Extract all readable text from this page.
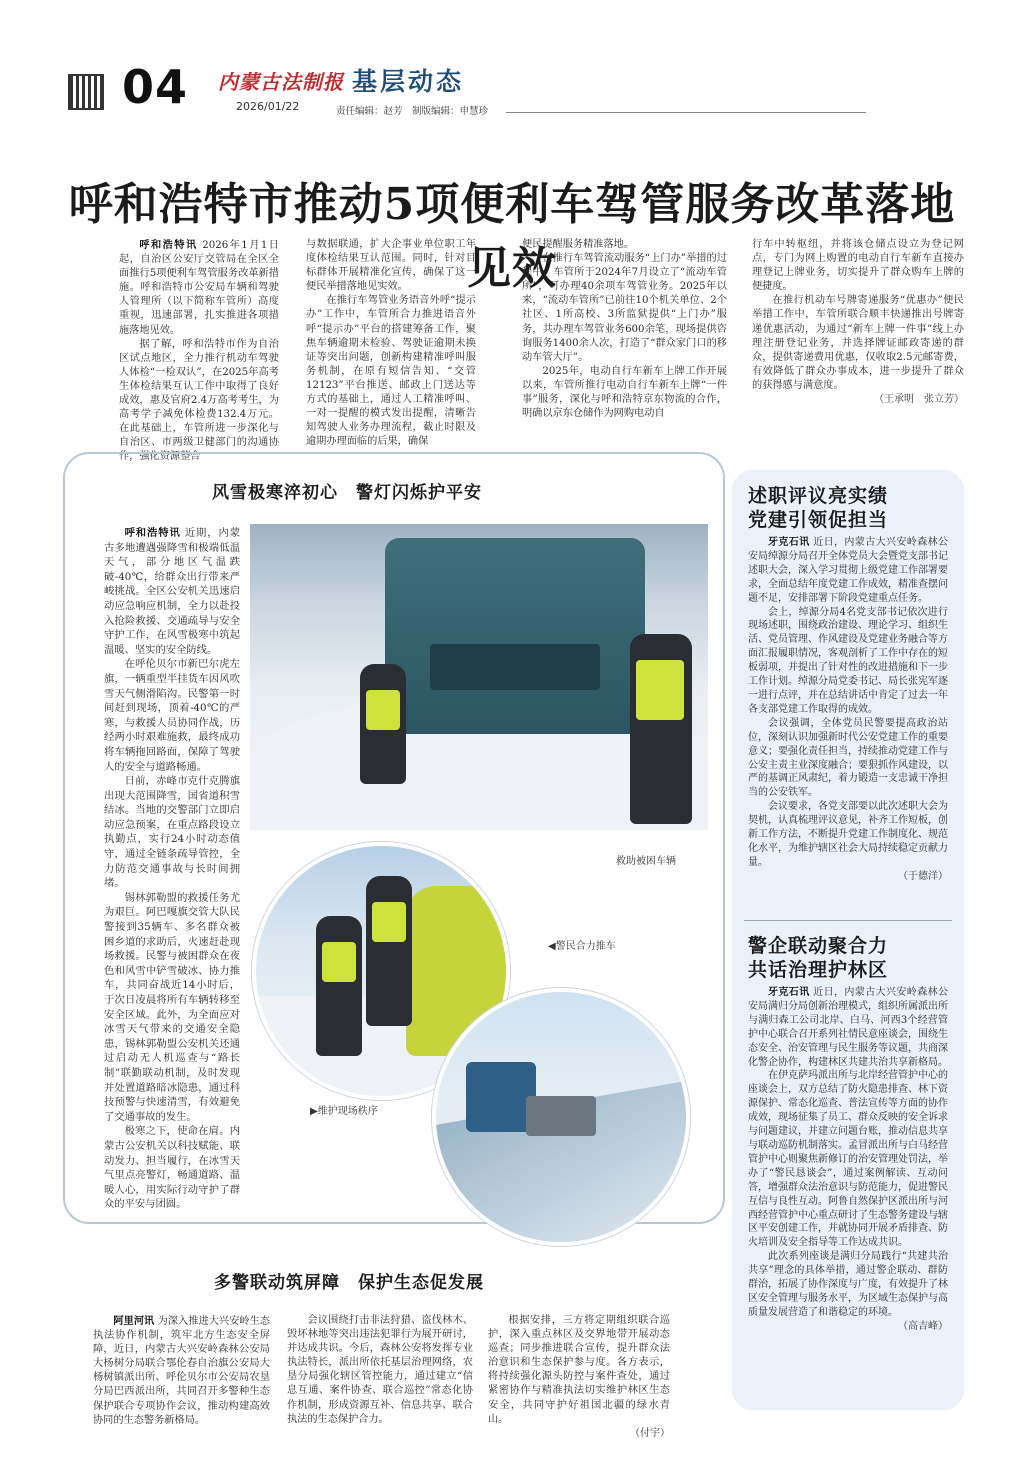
04 内蒙古法制报
2026/01/22
基层动态
责任编辑：赵芳　制版编辑：申慧珍
呼和浩特市推动5项便利车驾管服务改革落地见效

呼和浩特讯 2026年1月1日起，自治区公安厅交管局在全区全面推行5项便利车驾管服务改革新措施。呼和浩特市公安局车辆和驾驶人管理所（以下简称车管所）高度重视，迅速部署，扎实推进各项措施落地见效。

据了解，呼和浩特市作为自治区试点地区，全力推行机动车驾驶人体检“一检双认”，在2025年高考生体检结果互认工作中取得了良好成效，惠及官府2.4万高考考生，为高考学子减免体检费132.4万元。在此基础上，车管所进一步深化与自治区、市两级卫健部门的沟通协作，强化资源整合

与数据联通，扩大企事业单位职工年度体检结果互认范围。同时，针对目标群体开展精准化宣传，确保了这一便民举措落地见实效。

在推行车驾管业务语音外呼“提示办”工作中，车管所合力推进语音外呼“提示办”平台的搭建筹备工作，聚焦车辆逾期未检验、驾驶证逾期未换证等突出问题，创新构建精准呼叫服务机制，在原有短信告知、“交管12123”平台推送、邮政上门送达等方式的基础上，通过人工精准呼叫、一对一提醒的模式发出提醒，清晰告知驾驶人业务办理流程，截止时限及逾期办理面临的后果，确保

便民提醒服务精准落地。

在推行车驾管流动服务“上门办”举措的过程中，车管所于2024年7月设立了“流动车管所”，可办理40余项车驾管业务。2025年以来，“流动车管所”已前往10个机关单位、2个社区、1所高校、3所监狱提供“上门办”服务，共办理车驾管业务600余笔，现场提供咨询服务1400余人次，打造了“群众家门口的移动车管大厅”。

2025年，电动自行车新车上牌工作开展以来，车管所推行电动自行车新车上牌“一件事”服务，深化与呼和浩特京东物流的合作，明确以京东仓储作为网购电动自

行车中转枢纽，并将该仓储点设立为登记网点，专门为网上购置的电动自行车新车直接办理登记上牌业务，切实提升了群众购车上牌的便捷度。

在推行机动车号牌寄递服务“优惠办”便民举措工作中，车管所联合顺丰快递推出号牌寄递优惠活动，为通过“新车上牌一件事”线上办理注册登记业务，并选择牌证邮政寄递的群众，提供寄递费用优惠，仅收取2.5元邮寄费，有效降低了群众办事成本，进一步提升了群众的获得感与满意度。

（王承明　张立芳）
风雪极寒淬初心　警灯闪烁护平安

呼和浩特讯 近期，内蒙古多地遭遇强降雪和极端低温天气，部分地区气温跌破-40℃，给群众出行带来严峻挑战。全区公安机关迅速启动应急响应机制，全力以赴投入抢险救援、交通疏导与安全守护工作，在风雪极寒中筑起温暖、坚实的安全防线。

在呼伦贝尔市新巴尔虎左旗，一辆重型半挂货车因风吹雪天气侧滑陷沟。民警第一时间赶到现场，顶着-40℃的严寒，与救援人员协同作战，历经两小时艰难施救，最终成功将车辆拖回路面，保障了驾驶人的安全与道路畅通。

日前，赤峰市克什克腾旗出现大范围降雪，国省道积雪结冰。当地的交警部门立即启动应急预案，在重点路段设立执勤点，实行24小时动态值守，通过全链条疏导管控，全力防范交通事故与长时间拥堵。

锡林郭勒盟的救援任务尤为艰巨。阿巴嘎旗交管大队民警接到35辆车、多名群众被困乡道的求助后，火速赶赴现场救援。民警与被困群众在夜色和风雪中铲雪破冰、协力推车，共同奋战近14小时后，于次日凌晨将所有车辆转移至安全区域。此外，为全面应对冰雪天气带来的交通安全隐患，锡林郭勒盟公安机关还通过启动无人机巡查与“路长制”联勤联动机制，及时发现并处置道路暗冰隐患，通过科技预警与快速清雪，有效避免了交通事故的发生。

极寒之下，使命在肩。内蒙古公安机关以科技赋能、联动发力、担当履行，在冰雪天气里点亮警灯，畅通道路、温暖人心，用实际行动守护了群众的平安与团圆。

救助被困车辆
◀警民合力推车
▶维护现场秩序
多警联动筑屏障　保护生态促发展

阿里河讯 为深入推进大兴安岭生态执法协作机制，筑牢北方生态安全屏障，近日，内蒙古大兴安岭森林公安局大杨树分局联合鄂伦春自治旗公安局大杨树镇派出所、呼伦贝尔市公安局农垦分局巴西派出所，共同召开多警种生态保护联合专项协作会议，推动构建高效协同的生态警务新格局。

会议围绕打击非法狩猎、盗伐林木、毁坏林地等突出违法犯罪行为展开研讨，并达成共识。今后，森林公安将发挥专业执法特长，派出所依托基层治理网络，农垦分局强化辖区管控能力，通过建立“信息互通、案件协查、联合巡控”常态化协作机制，形成资源互补、信息共享、联合执法的生态保护合力。

根据安排，三方将定期组织联合巡护，深入重点林区及交界地带开展动态巡查；同步推进联合宣传，提升群众法治意识和生态保护参与度。各方表示，将持续强化源头防控与案件查处，通过紧密协作与精准执法切实维护林区生态安全，共同守护好祖国北疆的绿水青山。

（付宇）
述职评议亮实绩
党建引领促担当

牙克石讯 近日，内蒙古大兴安岭森林公安局绰源分局召开全体党员大会暨党支部书记述职大会，深入学习贯彻上级党建工作部署要求，全面总结年度党建工作成效，精准查摆问题不足，安排部署下阶段党建重点任务。

会上，绰源分局4名党支部书记依次进行现场述职，围绕政治建设、理论学习、组织生活、党员管理、作风建设及党建业务融合等方面汇报履职情况，客观剖析了工作中存在的短板弱项，并提出了针对性的改进措施和下一步工作计划。绰源分局党委书记、局长张宪军逐一进行点评，并在总结讲话中肯定了过去一年各支部党建工作取得的成效。

会议强调，全体党员民警要提高政治站位，深刻认识加强新时代公安党建工作的重要意义；要强化责任担当，持续推动党建工作与公安主责主业深度融合；要狠抓作风建设，以严的基调正风肃纪，着力锻造一支忠诚干净担当的公安铁军。

会议要求，各党支部要以此次述职大会为契机，认真梳理评议意见，补齐工作短板，创新工作方法，不断提升党建工作制度化、规范化水平，为维护辖区社会大局持续稳定贡献力量。

（于德洋）
警企联动聚合力
共话治理护林区

牙克石讯 近日，内蒙古大兴安岭森林公安局满归分局创新治理模式，组织所属派出所与满归森工公司北岸、白马、河西3个经营管护中心联合召开系列社情民意座谈会，围绕生态安全、治安管理与民生服务等议题，共商深化警企协作，构建林区共建共治共享新格局。

在伊克萨玛派出所与北岸经营管护中心的座谈会上，双方总结了防火隐患排查、林下资源保护、常态化巡查、普法宣传等方面的协作成效，现场征集了员工、群众反映的安全诉求与问题建议，并建立问题台账，推动信息共享与联动巡防机制落实。孟冒派出所与白马经营管护中心则聚焦新修订的治安管理处罚法，举办了“警民恳谈会”，通过案例解读、互动问答，增强群众法治意识与防范能力，促进警民互信与良性互动。阿鲁自然保护区派出所与河西经营管护中心重点研讨了生态警务建设与辖区平安创建工作，并就协同开展矛盾排查、防火培训及安全指导等工作达成共识。

此次系列座谈是满归分局践行“共建共治共享”理念的具体举措，通过警企联动、群防群治，拓展了协作深度与广度，有效提升了林区安全管理与服务水平，为区域生态保护与高质量发展营造了和谐稳定的环境。

（高吉峰）
